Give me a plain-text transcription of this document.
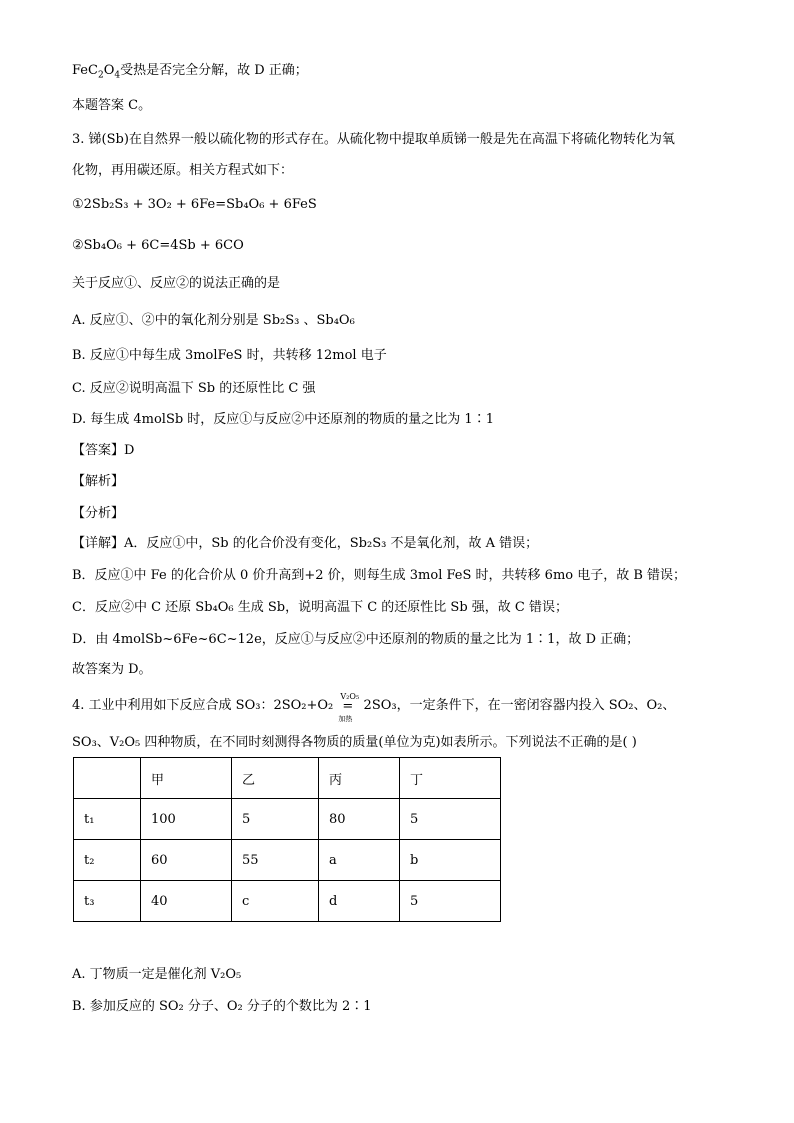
$FeC_2O_4$受热是否完全分解，故 D 正确；
本题答案 C。
3. 锑(Sb)在自然界一般以硫化物的形式存在。从硫化物中提取单质锑一般是先在高温下将硫化物转化为氧
化物，再用碳还原。相关方程式如下：
①2Sb₂S₃ + 3O₂ + 6Fe=Sb₄O₆ + 6FeS
②Sb₄O₆ + 6C=4Sb + 6CO
关于反应①、反应②的说法正确的是
A. 反应①、②中的氧化剂分别是 Sb₂S₃ 、Sb₄O₆
B. 反应①中每生成 3molFeS 时，共转移 12mol 电子
C. 反应②说明高温下 Sb 的还原性比 C 强
D. 每生成 4molSb 时，反应①与反应②中还原剂的物质的量之比为 1∶1
【答案】D
【解析】
【分析】
【详解】A．反应①中，Sb 的化合价没有变化，Sb₂S₃ 不是氧化剂，故 A 错误；
B．反应①中 Fe 的化合价从 0 价升高到+2 价，则每生成 3mol FeS 时，共转移 6mo 电子，故 B 错误；
C．反应②中 C 还原 Sb₄O₆ 生成 Sb，说明高温下 C 的还原性比 Sb 强，故 C 错误；
D．由 4molSb~6Fe~6C~12e，反应①与反应②中还原剂的物质的量之比为 1∶1，故 D 正确；
故答案为 D。
4. 工业中利用如下反应合成 SO₃：2SO₂+O₂
V₂O₅
=
加热
2SO₃，一定条件下，在一密闭容器内投入 SO₂、O₂、
SO₃、V₂O₅ 四种物质，在不同时刻测得各物质的质量(单位为克)如表所示。下列说法不正确的是( )
	甲	乙	丙	丁
t₁	100	5	80	5
t₂	60	55	a	b
t₃	40	c	d	5
A. 丁物质一定是催化剂 V₂O₅
B. 参加反应的 SO₂ 分子、O₂ 分子的个数比为 2∶1
